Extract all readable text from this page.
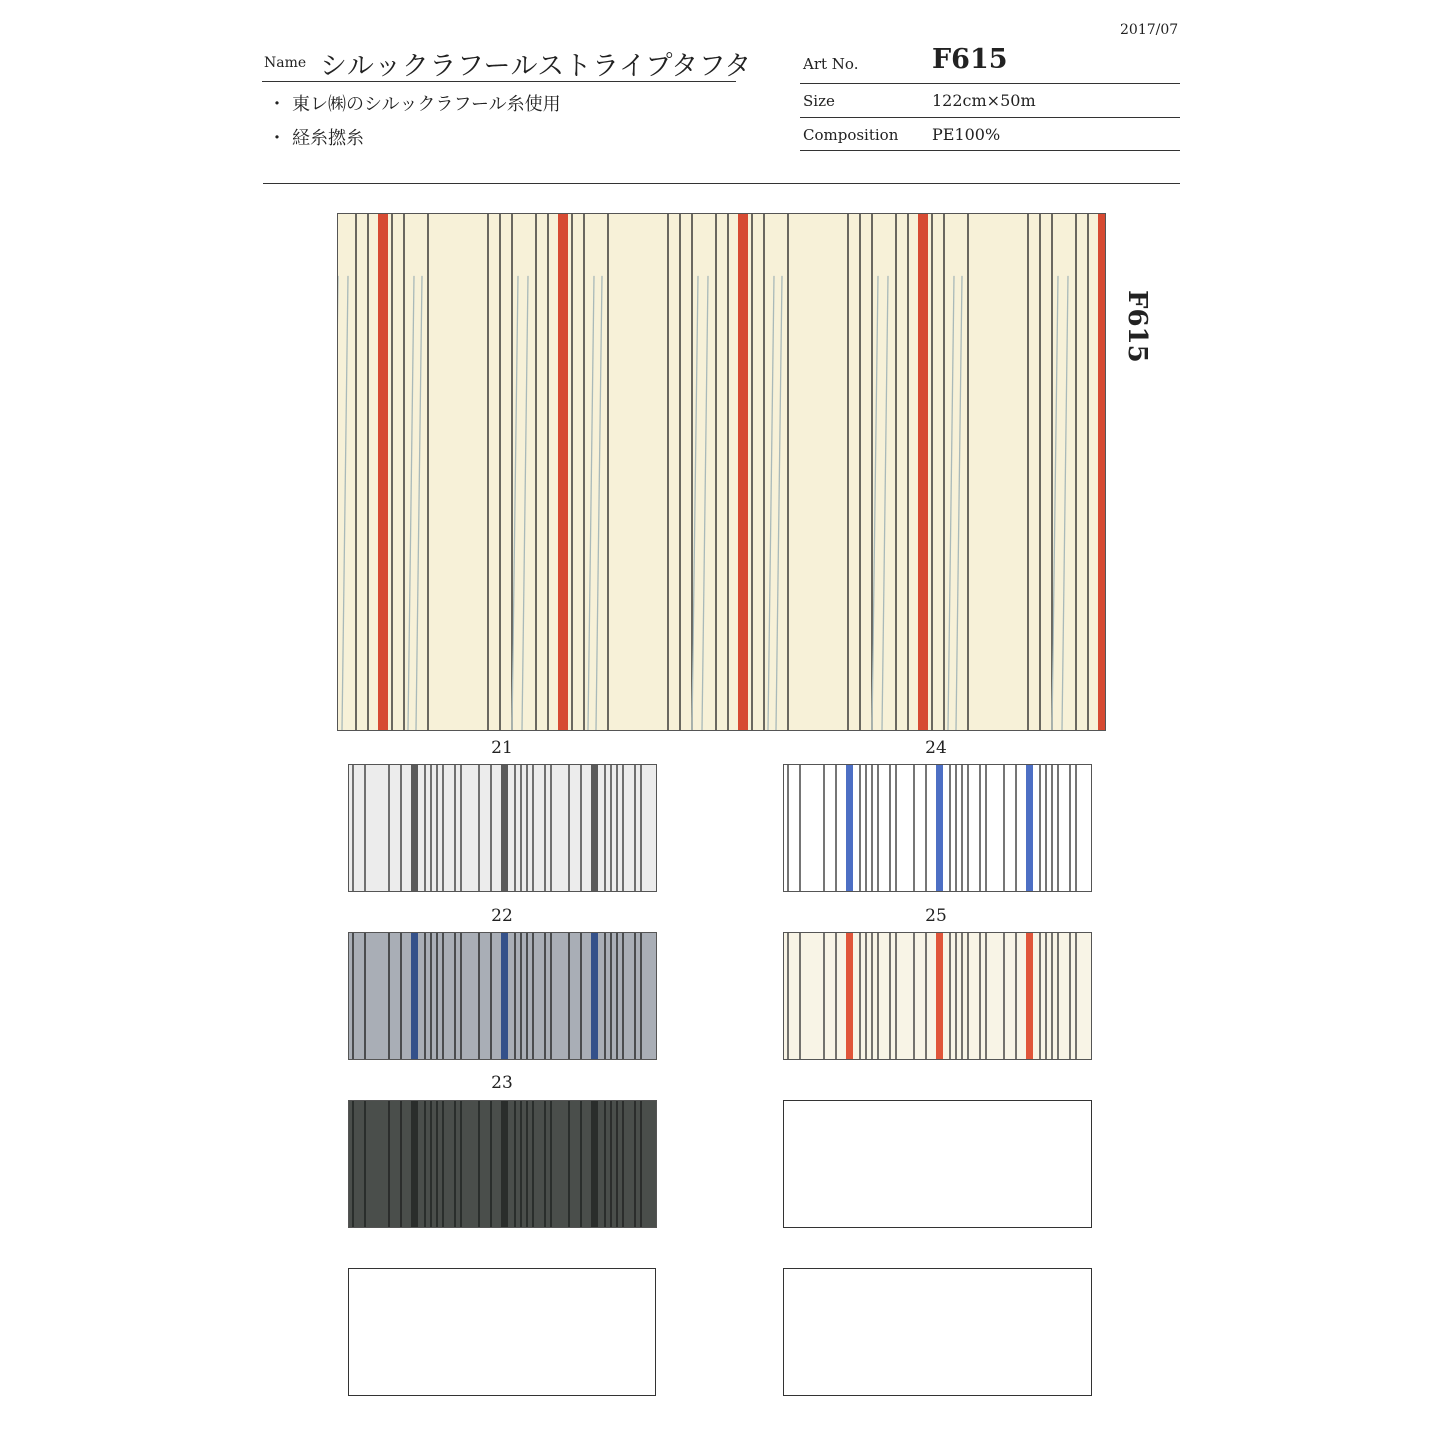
2017/07
Name シルックラフールストライプタフタ
・ 東レ㈱のシルックラフール糸使用
・ 経糸撚糸
Art No.	F615
Size	122cm×50m
Composition PE100%
F615
21
22
23
24
25
